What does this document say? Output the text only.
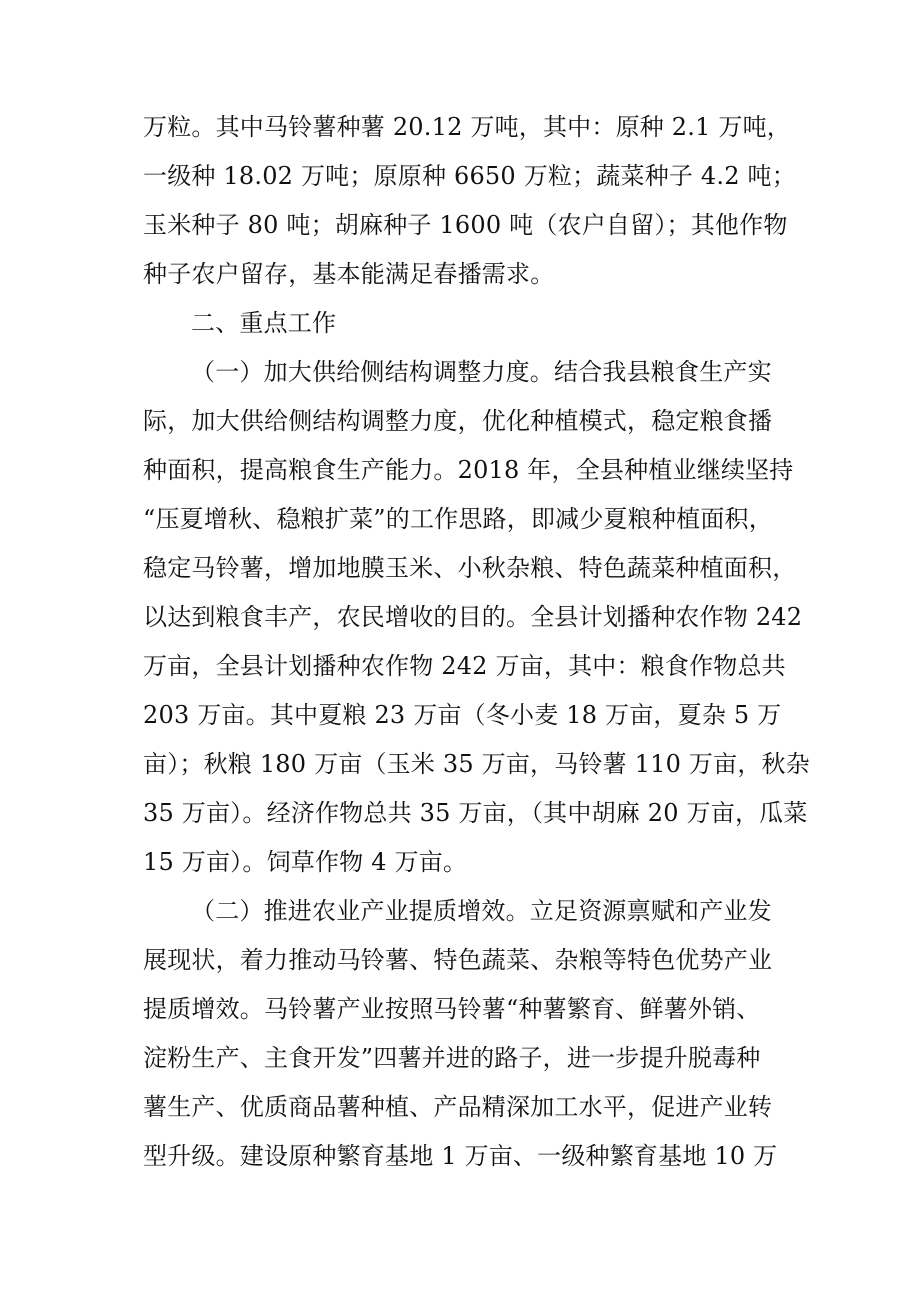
万粒。其中马铃薯种薯 20.12 万吨，其中：原种 2.1 万吨，
一级种 18.02 万吨；原原种 6650 万粒；蔬菜种子 4.2 吨；
玉米种子 80 吨；胡麻种子 1600 吨（农户自留）；其他作物
种子农户留存，基本能满足春播需求。
二、重点工作
（一）加大供给侧结构调整力度。结合我县粮食生产实
际，加大供给侧结构调整力度，优化种植模式，稳定粮食播
种面积，提高粮食生产能力。2018 年，全县种植业继续坚持
“压夏增秋、稳粮扩菜”的工作思路，即减少夏粮种植面积，
稳定马铃薯，增加地膜玉米、小秋杂粮、特色蔬菜种植面积，
以达到粮食丰产，农民增收的目的。全县计划播种农作物 242
万亩，全县计划播种农作物 242 万亩，其中：粮食作物总共
203 万亩。其中夏粮 23 万亩（冬小麦 18 万亩，夏杂 5 万
亩）；秋粮 180 万亩（玉米 35 万亩，马铃薯 110 万亩，秋杂
35 万亩）。经济作物总共 35 万亩，（其中胡麻 20 万亩，瓜菜
15 万亩）。饲草作物 4 万亩。
（二）推进农业产业提质增效。立足资源禀赋和产业发
展现状，着力推动马铃薯、特色蔬菜、杂粮等特色优势产业
提质增效。马铃薯产业按照马铃薯“种薯繁育、鲜薯外销、
淀粉生产、主食开发”四薯并进的路子，进一步提升脱毒种
薯生产、优质商品薯种植、产品精深加工水平，促进产业转
型升级。建设原种繁育基地 1 万亩、一级种繁育基地 10 万
